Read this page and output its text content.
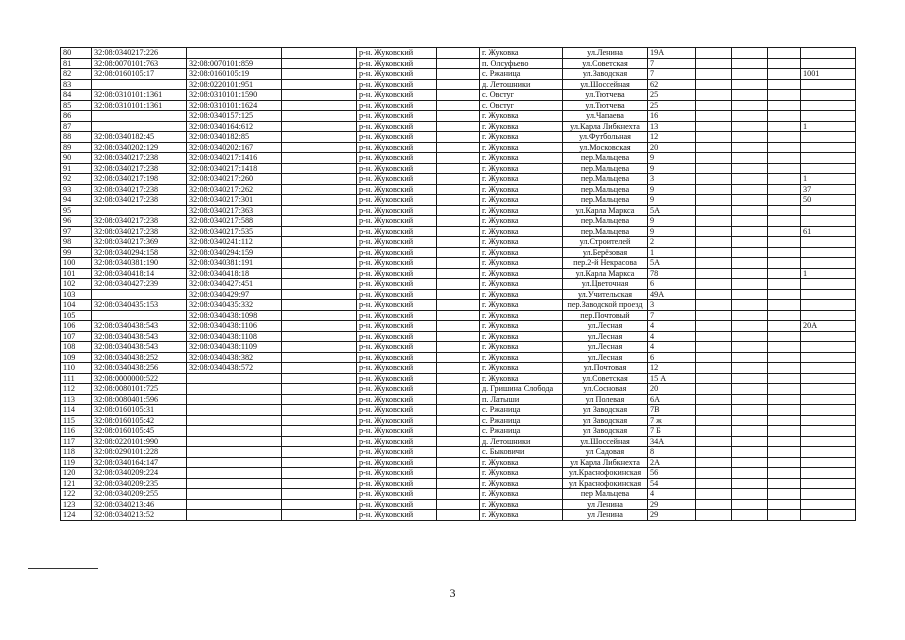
80	32:08:0340217:226			р-н. Жуковский		г. Жуковка	ул.Ленина	19А				
81	32:08:0070101:763	32:08:0070101:859		р-н. Жуковский		п. Олсуфьево	ул.Советская	7				
82	32:08:0160105:17	32:08:0160105:19		р-н. Жуковский		с. Ржаница	ул.Заводская	7				1001
83		32:08:0220101:951		р-н. Жуковский		д. Летошники	ул.Шоссейная	62				
84	32:08:0310101:1361	32:08:0310101:1590		р-н. Жуковский		с. Овстуг	ул.Тютчева	25				
85	32:08:0310101:1361	32:08:0310101:1624		р-н. Жуковский		с. Овстуг	ул.Тютчева	25				
86		32:08:0340157:125		р-н. Жуковский		г. Жуковка	ул.Чапаева	16				
87		32:08:0340164:612		р-н. Жуковский		г. Жуковка	ул.Карла Либкнехта	13				1
88	32:08:0340182:45	32:08:0340182:85		р-н. Жуковский		г. Жуковка	ул.Футбольная	12				
89	32:08:0340202:129	32:08:0340202:167		р-н. Жуковский		г. Жуковка	ул.Московская	20				
90	32:08:0340217:238	32:08:0340217:1416		р-н. Жуковский		г. Жуковка	пер.Мальцева	9				
91	32:08:0340217:238	32:08:0340217:1418		р-н. Жуковский		г. Жуковка	пер.Мальцева	9				
92	32:08:0340217:198	32:08:0340217:260		р-н. Жуковский		г. Жуковка	пер.Мальцева	3				1
93	32:08:0340217:238	32:08:0340217:262		р-н. Жуковский		г. Жуковка	пер.Мальцева	9				37
94	32:08:0340217:238	32:08:0340217:301		р-н. Жуковский		г. Жуковка	пер.Мальцева	9				50
95		32:08:0340217:363		р-н. Жуковский		г. Жуковка	ул.Карла Маркса	5А				
96	32:08:0340217:238	32:08:0340217:588		р-н. Жуковский		г. Жуковка	пер.Мальцева	9				
97	32:08:0340217:238	32:08:0340217:535		р-н. Жуковский		г. Жуковка	пер.Мальцева	9				61
98	32:08:0340217:369	32:08:0340241:112		р-н. Жуковский		г. Жуковка	ул.Строителей	2				
99	32:08:0340294:158	32:08:0340294:159		р-н. Жуковский		г. Жуковка	ул.Берёзовая	1				
100	32:08:0340381:190	32:08:0340381:191		р-н. Жуковский		г. Жуковка	пер.2-й Некрасова	5А				
101	32:08:0340418:14	32:08:0340418:18		р-н. Жуковский		г. Жуковка	ул.Карла Маркса	78				1
102	32:08:0340427:239	32:08:0340427:451		р-н. Жуковский		г. Жуковка	ул.Цветочная	6				
103		32:08:0340429:97		р-н. Жуковский		г. Жуковка	ул.Учительская	49А				
104	32:08:0340435:153	32:08:0340435:332		р-н. Жуковский		г. Жуковка	пер.Заводской проезд	3				
105		32:08:0340438:1098		р-н. Жуковский		г. Жуковка	пер.Почтовый	7				
106	32:08:0340438:543	32:08:0340438:1106		р-н. Жуковский		г. Жуковка	ул.Лесная	4				20А
107	32:08:0340438:543	32:08:0340438:1108		р-н. Жуковский		г. Жуковка	ул.Лесная	4				
108	32:08:0340438:543	32:08:0340438:1109		р-н. Жуковский		г. Жуковка	ул.Лесная	4				
109	32:08:0340438:252	32:08:0340438:382		р-н. Жуковский		г. Жуковка	ул.Лесная	6				
110	32:08:0340438:256	32:08:0340438:572		р-н. Жуковский		г. Жуковка	ул.Почтовая	12				
111	32:08:0000000:522			р-н. Жуковский		г. Жуковка	ул.Советская	15 А				
112	32:08:0080101:725			р-н. Жуковский		д. Гришина Слобода	ул.Сосновая	20				
113	32:08:0080401:596			р-н. Жуковский		п. Латыши	ул Полевая	6А				
114	32:08:0160105:31			р-н. Жуковский		с. Ржаница	ул Заводская	7В				
115	32:08:0160105:42			р-н. Жуковский		с. Ржаница	ул Заводская	7 ж				
116	32:08:0160105:45			р-н. Жуковский		с. Ржаница	ул Заводская	7 Б				
117	32:08:0220101:990			р-н. Жуковский		д. Летошники	ул.Шоссейная	34А				
118	32:08:0290101:228			р-н. Жуковский		с. Быковичи	ул Садовая	8				
119	32:08:0340164:147			р-н. Жуковский		г. Жуковка	ул Карла Либкнехта	2А				
120	32:08:0340209:224			р-н. Жуковский		г. Жуковка	ул.Краснофокинская	56				
121	32:08:0340209:235			р-н. Жуковский		г. Жуковка	ул Краснофокинская	54				
122	32:08:0340209:255			р-н. Жуковский		г. Жуковка	пер Мальцева	4				
123	32:08:0340213:46			р-н. Жуковский		г. Жуковка	ул Ленина	29				
124	32:08:0340213:52			р-н. Жуковский		г. Жуковка	ул Ленина	29				
3
